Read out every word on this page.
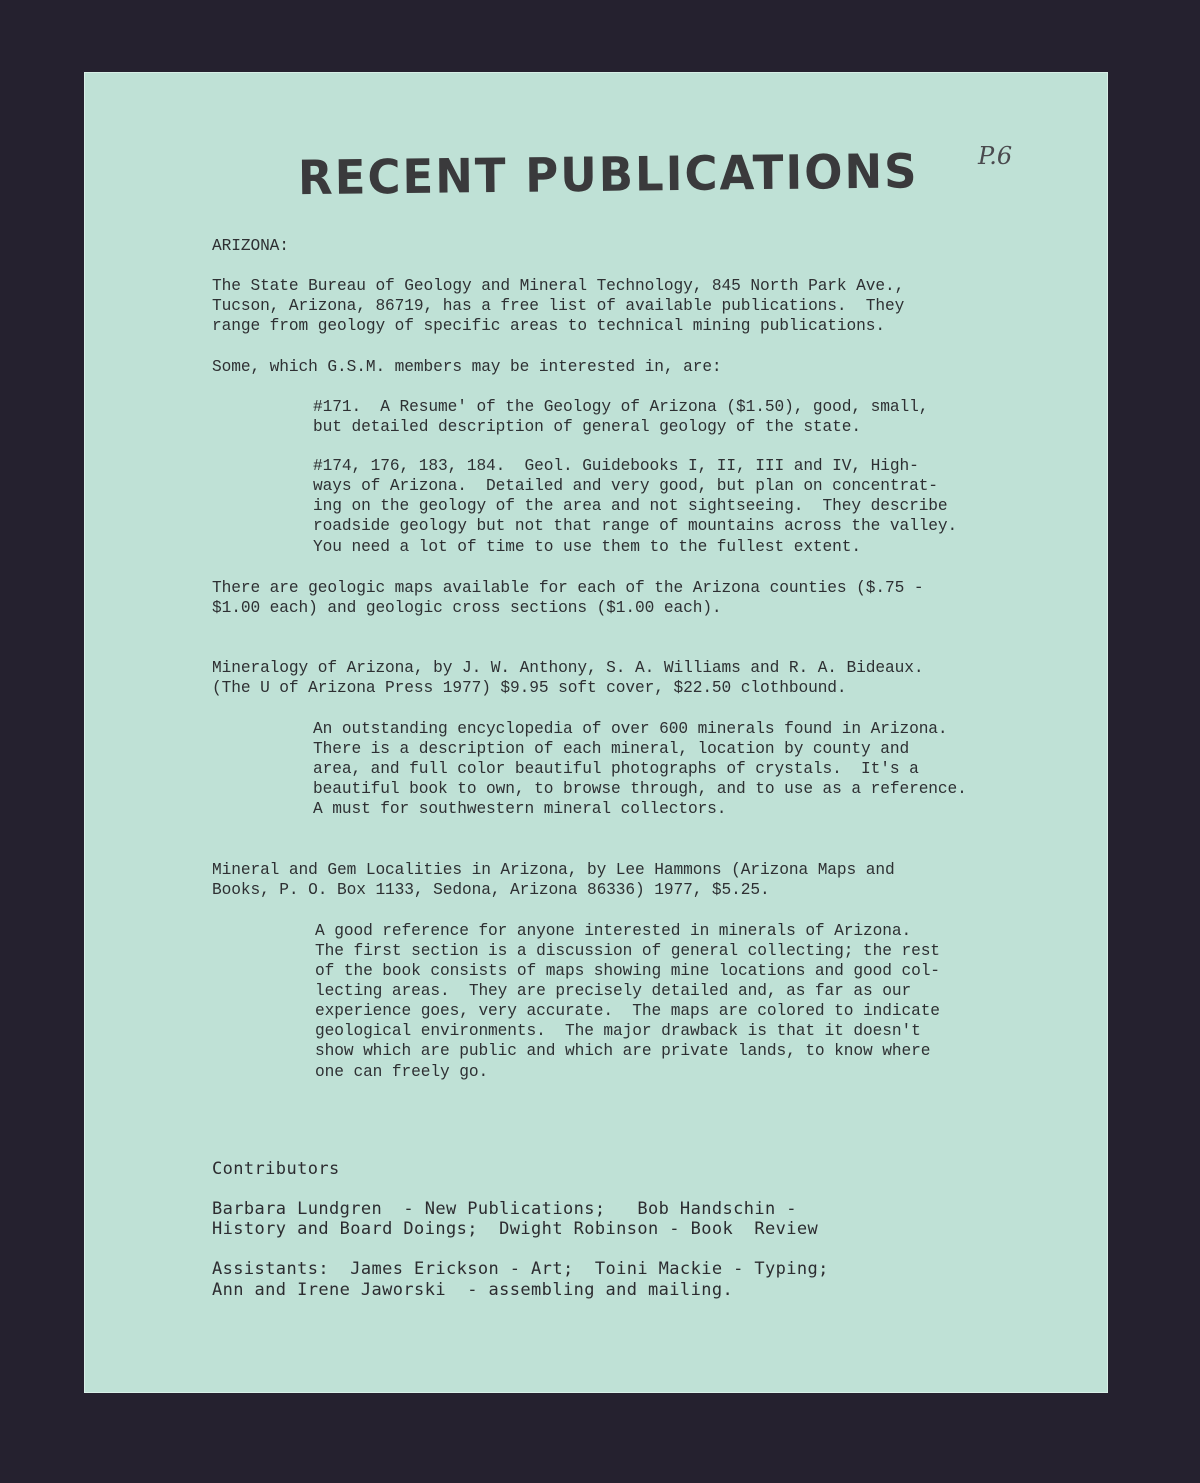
RECENT PUBLICATIONS P.6
ARIZONA:
The State Bureau of Geology and Mineral Technology, 845 North Park Ave.,
Tucson, Arizona, 86719, has a free list of available publications.  They
range from geology of specific areas to technical mining publications.
Some, which G.S.M. members may be interested in, are:
#171.  A Resume' of the Geology of Arizona ($1.50), good, small,
but detailed description of general geology of the state.
#174, 176, 183, 184.  Geol. Guidebooks I, II, III and IV, High-
ways of Arizona.  Detailed and very good, but plan on concentrat-
ing on the geology of the area and not sightseeing.  They describe
roadside geology but not that range of mountains across the valley.
You need a lot of time to use them to the fullest extent.
There are geologic maps available for each of the Arizona counties ($.75 -
$1.00 each) and geologic cross sections ($1.00 each).
Mineralogy of Arizona, by J. W. Anthony, S. A. Williams and R. A. Bideaux.
(The U of Arizona Press 1977) $9.95 soft cover, $22.50 clothbound.
An outstanding encyclopedia of over 600 minerals found in Arizona.
There is a description of each mineral, location by county and
area, and full color beautiful photographs of crystals.  It's a
beautiful book to own, to browse through, and to use as a reference.
A must for southwestern mineral collectors.
Mineral and Gem Localities in Arizona, by Lee Hammons (Arizona Maps and
Books, P. O. Box 1133, Sedona, Arizona 86336) 1977, $5.25.
A good reference for anyone interested in minerals of Arizona.
The first section is a discussion of general collecting; the rest
of the book consists of maps showing mine locations and good col-
lecting areas.  They are precisely detailed and, as far as our
experience goes, very accurate.  The maps are colored to indicate
geological environments.  The major drawback is that it doesn't
show which are public and which are private lands, to know where
one can freely go.
Contributors
Barbara Lundgren  - New Publications;   Bob Handschin -
History and Board Doings;  Dwight Robinson - Book  Review
Assistants:  James Erickson - Art;  Toini Mackie - Typing;
Ann and Irene Jaworski  - assembling and mailing.
